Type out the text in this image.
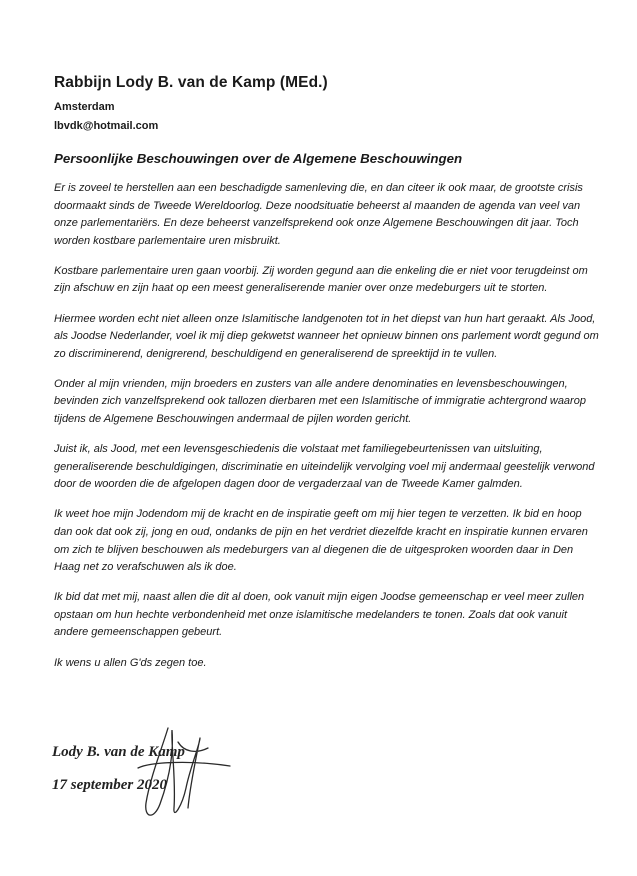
Rabbijn Lody B. van de Kamp (MEd.)
Amsterdam
lbvdk@hotmail.com
Persoonlijke Beschouwingen over de Algemene Beschouwingen

Er is zoveel te herstellen aan een beschadigde samenleving die, en dan citeer ik ook maar, de grootste crisis doormaakt sinds de Tweede Wereldoorlog. Deze noodsituatie beheerst al maanden de agenda van veel van onze parlementariërs. En deze beheerst vanzelfsprekend ook onze Algemene Beschouwingen dit jaar. Toch worden kostbare parlementaire uren misbruikt.

Kostbare parlementaire uren gaan voorbij. Zij worden gegund aan die enkeling die er niet voor terugdeinst om zijn afschuw en zijn haat op een meest generaliserende manier over onze medeburgers uit te storten.

Hiermee worden echt niet alleen onze Islamitische landgenoten tot in het diepst van hun hart geraakt. Als Jood, als Joodse Nederlander, voel ik mij diep gekwetst wanneer het opnieuw binnen ons parlement wordt gegund om zo discriminerend, denigrerend, beschuldigend en generaliserend de spreektijd in te vullen.

Onder al mijn vrienden, mijn broeders en zusters van alle andere denominaties en levensbeschouwingen, bevinden zich vanzelfsprekend ook tallozen dierbaren met een Islamitische of immigratie achtergrond waarop tijdens de Algemene Beschouwingen andermaal de pijlen worden gericht.

Juist ik, als Jood, met een levensgeschiedenis die volstaat met familiegebeurtenissen van uitsluiting, generaliserende beschuldigingen, discriminatie en uiteindelijk vervolging voel mij andermaal geestelijk verwond door de woorden die de afgelopen dagen door de vergaderzaal van de Tweede Kamer galmden.

Ik weet hoe mijn Jodendom mij de kracht en de inspiratie geeft om mij hier tegen te verzetten. Ik bid en hoop dan ook dat ook zij, jong en oud, ondanks de pijn en het verdriet diezelfde kracht en inspiratie kunnen ervaren om zich te blijven beschouwen als medeburgers van al diegenen die de uitgesproken woorden daar in Den Haag net zo verafschuwen als ik doe.

Ik bid dat met mij, naast allen die dit al doen, ook vanuit mijn eigen Joodse gemeenschap er veel meer zullen opstaan om hun hechte verbondenheid met onze islamitische medelanders te tonen. Zoals dat ook vanuit andere gemeenschappen gebeurt.

Ik wens u allen G'ds zegen toe.

Lody B. van de Kamp
17 september 2020
